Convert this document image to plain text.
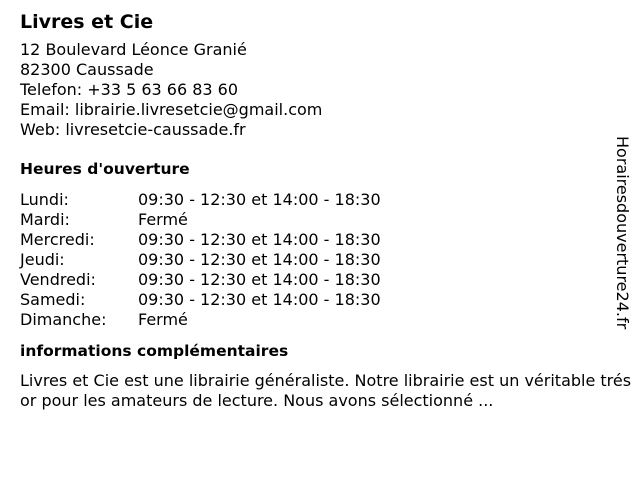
Livres et Cie
12 Boulevard Léonce Granié
82300 Caussade
Telefon: +33 5 63 66 83 60
Email: librairie.livresetcie@gmail.com
Web: livresetcie-caussade.fr
Heures d'ouverture
Lundi:	09:30 - 12:30 et 14:00 - 18:30
Mardi:	Fermé
Mercredi:	09:30 - 12:30 et 14:00 - 18:30
Jeudi:	09:30 - 12:30 et 14:00 - 18:30
Vendredi:	09:30 - 12:30 et 14:00 - 18:30
Samedi:	09:30 - 12:30 et 14:00 - 18:30
Dimanche: Fermé
informations complémentaires
Livres et Cie est une librairie généraliste. Notre librairie est un véritable trésor pour les amateurs de lecture. Nous avons sélectionné ...
Horairesdouverture24.fr
